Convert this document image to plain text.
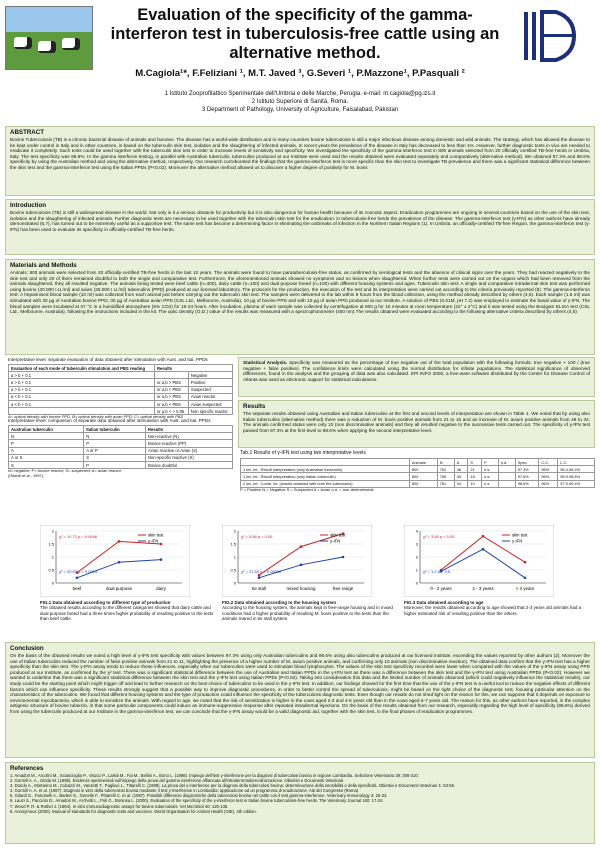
Evaluation of the specificity of the gamma-interferon test in tuberculosis-free cattle using an alternative method.
M.Cagiola¹*, F.Feliziani ¹, M.T. Javed ³, G.Severi ¹, P.Mazzone¹, P.Pasquali ²
1 Istituto Zooprofilattico Sperimentale dell'Umbria e delle Marche, Perugia. e-mail: m.cagiola@pg.izs.it
2 Istituto Superiore di Sanità, Roma.
3 Department of Pathology, University of Agriculture, Faisalabad, Pakistan
ABSTRACT

Bovine Tuberculosis (TB) is a chronic bacterial disease of animals and humans. The disease has a world-wide distribution and in many countries bovine tuberculosis is still a major infectious disease among domestic and wild animals. The strategy, which has allowed the disease to be kept under control in Italy and in other countries, is based on the tuberculin skin test, isolation and the slaughtering of infected animals. In recent years the prevalence of the disease in Italy has decreased to less than 1%. However, further diagnostic tests in vivo are needed to eradicate it completely. Such tests could be used together with the tuberculin skin test in order to increase levels of sensitivity and specificity. We investigated the specificity of the gamma-interferon test in 800 animals selected from 20 officially certified TB-free herds in Umbria, Italy. The test specificity was 96.8%. In the gamma interferon testing, in parallel with Australian tuberculin, tuberculins produced at our Institute were used and the results obtained were evaluated separately and comparatively (alternative method). We obtained 97.3% and 98.6% specificity by using the Australian method and using the alternative method, respectively. Our research corroborated the findings that the gamma-interferon test is more specific than the skin test to investigate TB prevalence and there was a significant statistical difference between the skin test and the gamma-interferon test using the Italian PPDs (P<0.02). Moreover the alternative method allowed us to discover a higher degree of positivity for M. bovis

Introduction

Bovine tuberculosis (TB) is still a widespread disease in the world. Not only is it a serious obstacle for productivity but it is also dangerous for human health because of its zoonotic aspect. Eradication programmes are ongoing in several countries based on the use of the skin test, isolation and the slaughtering of infected animals. Further diagnostic tests are necessary to be used together with the tuberculin skin test for the eradication: in tuberculosis-free herds the prevalence of the disease. The gamma-interferon test (γ-IFN) as other authors have already demonstrated (6,7), has turned out to be extremely useful as a supportive test. The same test has become a determining factor in eliminating the outbreaks of infection in the Northern Italian Regions (1). In Umbria, an officially-certified TB-free Region, the gamma-interferon test (γ-IFN) has been used to evaluate its specificity in officially-certified TB-free herds.

Materials and Methods

Animals: 800 animals were selected from 20 officially-certified TB-free herds in the last 10 years. The animals were found to have paratuberculosis-free status, as confirmed by serological tests and the absence of clinical signs over the years. They had reacted negatively to the skin test and only 20 of them remained doubtful to both the single and comparative test. Furthermore, the aforementioned animals showed no symptoms and no lesions when slaughtered. When further tests were carried out on the organs which had been removed from the animals slaughtered, they all resulted negative. The animals being tested were beef cattle (n=400), dairy cattle (n=100) and dual purpose breed (n=100) with different housing systems and ages. Tuberculin skin test: A single and comparative intradermal skin test was performed using bovine (30.000 I.U./ml) and avian (25.000 I.U./ml) tuberculins (PPD) produced at our licensed laboratory. The protocols for the production, the execution of the test and its interpretation were carried out according to the criteria previously reported (8). The gamma-interferon test: A heparinised blood sample (10 ml) was collected from each animal just before carrying out the tuberculin skin test. The samples were delivered to the lab within 8 hours from the blood collection, using the method already described by others (4,5). Each sample (1.5 ml) was stimulated with 30 µg of Australian bovine PPD, 30 µg of Australian avian PPD (CSL Ltd., Melbourne, Australia), 10 µg of bovine PPD and with 10 µg of avian PPD produced at our Institute. A solution of PBS (0.01M, pH 7.2) was employed to estimate the basal value of γ-IFN. The blood samples were incubated at 37 °C in a humidified atmosphere (5% CO2) for 16-24 hours. After incubation, plasma of each sample was collected by centrifugation at 900 g for 10 minutes at room temperature (22° ± 2°C) and it was tested using the Bovigam ELISA test (CSL Ltd., Melbourne, Australia), following the instructions included in the kit. The optic density (O.D.) value of the results was measured with a spectrophotometer (450 nm).The results obtained were evaluated according to the following alternative criteria described by others (4,5)

Interpretative level: separate evaluation of data obtained after stimulation with Aust. and Ital. PPDs
Evaluation of each mode of tuberculin stimulation and PBS reading	Results	
a > b + 0.1		Negative
a > b + 0.1	or a,b > PBS	Positive
a > b + 0.1	or a,b < PBS	Suspected
a < b + 0.1	or a,b > PBS	Avian reactor
a < b + 0.1	or a,b < PBS	Avian suspected
	or a,b < > 0.05	Non specific reactor
A= optical density with bovine PPD, B= optical density with avian PPD; C= optical density with PBS
Interpretative level: comparison of separate data obtained after stimulation with Aust. and Ital. PPDs
Australian tuberculin	Italian tuberculin	Results
N	N	Non-reactive (N)
P	P	Bovine reactive (PP)
A	A or P	Avian reactive or Avian (S)
A or S	S	Non-specific reactive (S)
S	P	Bovine doubtful
N= negative; P= bovine reactor; S= suspected; A= avian reactor
(Gilardi et al., 1997)

Statistical Analysis. Specificity was measured as the percentage of true negative out of the total population with the following formula: true negative × 100 / (true negative + false positive). The confidence limits were calculated using the normal distribution for infinite populations. The statistical significance of observed differences, found in the analysis and the grouping of data was also calculated. EPI INFO 2000, a free-ware software distributed by the Center for Disease Control of Atlanta was used as electronic support for statistical calculations.

Results

The separate results obtained using Australian and Italian tuberculins at the first and second levels of interpretation are shown in Table 1. We noted that by using also Italian tuberculins (alternative method) there was a reduction of M. bovis positive animals from 21 to 16 and an increase of M. avium positive animals from 48 to 34. The animals confirmed status were only 10 (non discriminative animals) and they all resulted negative to the successive tests carried out. The specificity of γ-IFN test passed from 97.3% at the first level to 98.6% when applying the second interpretative level.

Tab.1 Results of γ-IFN test using two interpretative levels
	Animals	N	A	S	P	n.d.	Spec.	C.C.	L.C.
1 lev. Int.: Result interpretation (only Australian tuberculin)	800	752	48	21	n.s.		97.3%	96%	95.4-98.4%
1 lev. Int.: Result interpretation (only Italian tuberculin)	800	755	45	16	n.s.		97.6%	96%	95.9-98.6%
2 lev. Int.: Comb. int. (results obtained with both the tuberculins)	800	781	34	10	n.s.		98.6%	96%	97.5-99.4%
P = Positive N = Negative S = Suspected A = Avian n.d. = non-determinable
0
0.5
1
1.5
2
beef	dual purpose	dairy
skin test
γ-IFN
χ² = 10.72 p = 0.0046
χ² = 20.87 p = 0.0003
0
0.5
1
1.5
2
tie stall	mixed housing	free range
skin test
γ-IFN
χ² = 5.88 p = 0.05
χ² = 21.54 p = 0.00002
0
1
2
3
4
0 - 2 years	2 - 3 years	> 3 years
skin test
γ-IFN
χ² = 3.65 p = 0.05
χ² = 1.2 p = 3.5
FIG.1 Data obtained according to different type of production
The obtained results according to the different categories showed that dairy cattle and dual purpose breed had a three times higher probability of resulting positive to the tests than beef cattle.
FIG.2 Data obtained according to the housing system
According to the housing system, the animals kept in free-range housing and in mixed conditions had a higher probability of resulting M. bovis positive to the tests than the animals reared in tie stall system.
FIG.3 Data obtained according to age
Moreover, the results obtained according to age showed that 2-3 years old animals had a higher estimated risk of resulting positive than the others.
Conclusion

On the basis of the obtained results we noted a high level of γ-IFN test specificity with values between 97.3% using only Australian tuberculins and 98.6% using also tuberculins produced at our licensed Institute, exceeding the values reported by other authors (2). Moreover the use of Italian tuberculins reduced the number of false positive animals from 21 to 11, highlighting the presence of a higher number of M. avium positive animals, and confirming only 10 animals (non discriminative reaction). The obtained data confirm that the γ-IFN test has a higher specificity than the skin test. The γ-IFN assay tends to reduce these influences, especially when our tuberculins were used to stimulate blood lymphocytes. The values of the skin test specificity recorded were lower when compared with the values of the γ-IFN assay using PPD produced at our Institute, as confirmed by the χ² test. There was a significant statistical difference between the use of Australian and Italian PPDs in the γ-IFN test as there was a difference between the skin test and the γ-IFN test using Australian PPDs (P<0.02). However we wanted to underline that there was a significant statistical difference between the skin test and the γ-IFN test using Italian PPDs (P<0.02). Taking into consideration this data and the limited number of animals observed (which could negatively influence the statistical results), our study could be the starting point which might trigger off and lead to further research on the best choice of tuberculins to be used in the γ-IFN test. In addition, our findings showed for the first time that the use of the γ-IFN test is a useful tool to reduce the negative effects of different factors which can influence specificity. These results strongly suggest that a possible way to improve diagnostic procedures, in order to better control the spread of tuberculosis, might be based on the right choice of the diagnostic test, focusing particular attention on the characteristics of the tuberculins. We found that different housing systems and the type of production could influence the specificity of the tuberculosis diagnostic tests. Even though our results do not shed light on the reason for this, we can suppose that it depends on exposure to environmental mycobacteria, which is able to sensitize the animals. With regard to age, we noted that the risk of sensitization is higher in the cows aged 2-3 and 4-6 years old than in the cows aged 6-7 years old. The reason for this, as other authors have reported, is the complex antigenic structure of bovine tubercle, in that some particular components could induce an immune-suppressive response after repeated intradermal injections. On the basis of the results obtained from our research, especially regarding the high level of specificity (98.6%) derived from using the tuberculin produced at our Institute in the gamma-interferon test, we can conclude that the γ-IFN assay would be a valid diagnostic aid, together with the skin test, in the final phases of eradication programmes.

References

1. Amadori M., Arcolini M., Sciascioglia P., Vitucci P., Lalsiti M., Fai M., Bellini A., Bono L. (1998). Impiego dell'test γ-interferone per la diagnosi di tubercolosi bovina in regione Lombardia. Selezione Veterinaria 39: 306-310.

2. Gormill A. A., Girida M. (1998). Evidenze sperimentali sull'impiego della prova del gamma interferone affiancata all'intradermotubercolinizzazione. Obiettivi e Documenti Veterinari.

3. Dondo A., Mortarino M., Cubazzi M., Vanzetti T., Pagliaci L., Tittarelli C. (1999). La prova del γ-interferone per la diagnosi della tubercolosi bovina: determinazione della sensibilità e della specificità. Obiettivi e Documenti Veterinari 1: 53-55.

4. Gormill A. A. et al. (1997). Diagnosi in vitro della tubercolosi bovina mediante il test γ-interferone in Lombardia: applicazione ad un programma di eradicazione. Atti del Congresso (Roma).

5. Gilardi G., Fascinelli A., Barbet G., Genelle F., Pittarelli C. et al. (1997). Possibili differenze diagnostiche della tubercolosi bovina nel cattle con il test gamma-interferone. Veterinary Immunology 3: 25-33.

6. Lauzi S., Pacciolo D., Amadori M., Archetti L., Poli G., Boninsa L. (2000). Evaluation of the specificity of the γ-interferon test in Italian bovine tuberculosis-free herds. The Veterinary Journal 160: 17-24.

7. Wood P. R. & Rothel J. (1994). In vitro immunodiagnostic assays for bovine tuberculosis. Vet Microbiol 40: 125-135.

8. Anonymous (2000). Manual of standards for diagnostic tests and vaccines. World Organisation for Animal Health (OIE), 4th edition.
